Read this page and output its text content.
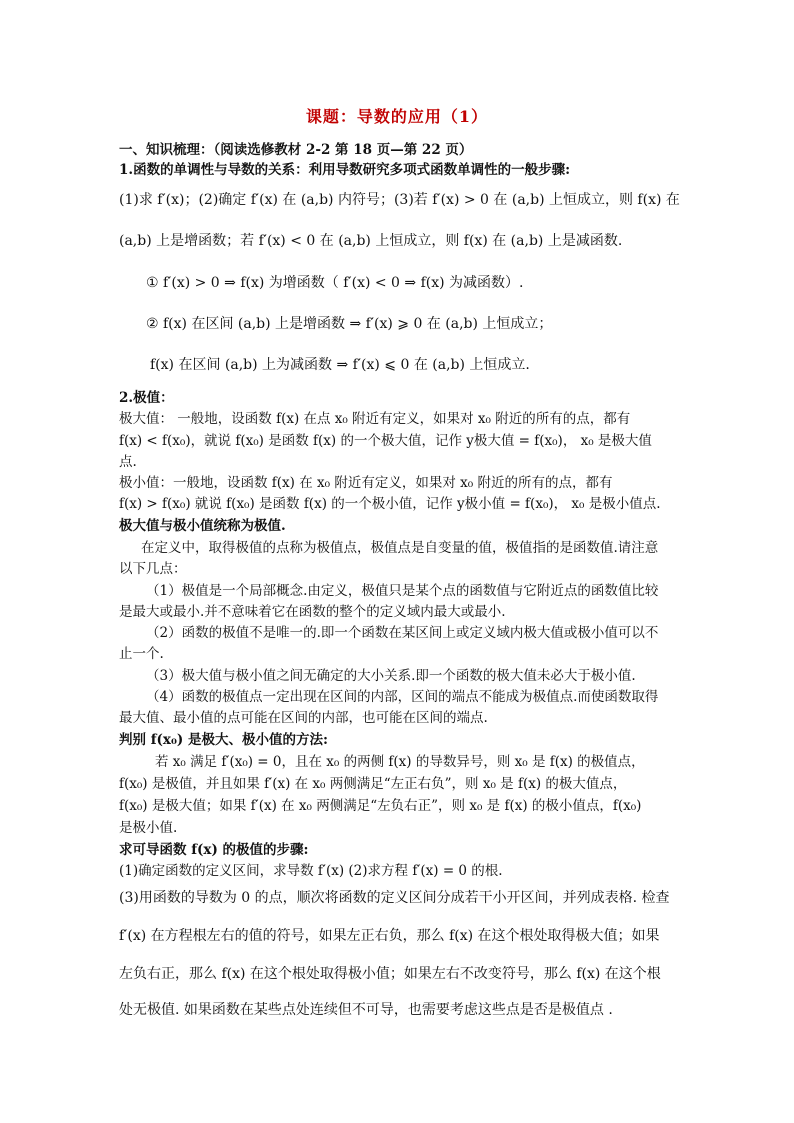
课题：导数的应用（1）
一、知识梳理：（阅读选修教材 2-2 第 18 页—第 22 页）
1.函数的单调性与导数的关系：利用导数研究多项式函数单调性的一般步骤:
(1)求 f′(x)；(2)确定 f′(x) 在 (a,b) 内符号；(3)若 f′(x) > 0 在 (a,b) 上恒成立，则 f(x) 在
(a,b) 上是增函数；若 f′(x) < 0 在 (a,b) 上恒成立，则 f(x) 在 (a,b) 上是减函数.
① f′(x) > 0 ⇒ f(x) 为增函数（ f′(x) < 0 ⇒ f(x) 为减函数）.
② f(x) 在区间 (a,b) 上是增函数 ⇒ f′(x) ⩾ 0 在 (a,b) 上恒成立；
f(x) 在区间 (a,b) 上为减函数 ⇒ f′(x) ⩽ 0 在 (a,b) 上恒成立.
2.极值：
极大值： 一般地，设函数 f(x) 在点 x₀ 附近有定义，如果对 x₀ 附近的所有的点，都有
f(x) < f(x₀)，就说 f(x₀) 是函数 f(x) 的一个极大值，记作 y极大值 = f(x₀)， x₀ 是极大值
点.
极小值：一般地，设函数 f(x) 在 x₀ 附近有定义，如果对 x₀ 附近的所有的点，都有
f(x) > f(x₀) 就说 f(x₀) 是函数 f(x) 的一个极小值，记作 y极小值 = f(x₀)， x₀ 是极小值点.
极大值与极小值统称为极值.
在定义中，取得极值的点称为极值点，极值点是自变量的值，极值指的是函数值.请注意
以下几点：
（1）极值是一个局部概念.由定义，极值只是某个点的函数值与它附近点的函数值比较
是最大或最小.并不意味着它在函数的整个的定义域内最大或最小.
（2）函数的极值不是唯一的.即一个函数在某区间上或定义域内极大值或极小值可以不
止一个.
（3）极大值与极小值之间无确定的大小关系.即一个函数的极大值未必大于极小值.
（4）函数的极值点一定出现在区间的内部，区间的端点不能成为极值点.而使函数取得
最大值、最小值的点可能在区间的内部，也可能在区间的端点.
判别 f(x₀) 是极大、极小值的方法:
若 x₀ 满足 f′(x₀) = 0，且在 x₀ 的两侧 f(x) 的导数异号，则 x₀ 是 f(x) 的极值点，
f(x₀) 是极值，并且如果 f′(x) 在 x₀ 两侧满足“左正右负”，则 x₀ 是 f(x) 的极大值点，
f(x₀) 是极大值；如果 f′(x) 在 x₀ 两侧满足“左负右正”，则 x₀ 是 f(x) 的极小值点，f(x₀)
是极小值.
求可导函数 f(x) 的极值的步骤:
(1)确定函数的定义区间，求导数 f′(x) (2)求方程 f′(x) = 0 的根.
(3)用函数的导数为 0 的点，顺次将函数的定义区间分成若干小开区间，并列成表格. 检查
f′(x) 在方程根左右的值的符号，如果左正右负，那么 f(x) 在这个根处取得极大值；如果
左负右正，那么 f(x) 在这个根处取得极小值；如果左右不改变符号，那么 f(x) 在这个根
处无极值. 如果函数在某些点处连续但不可导，也需要考虑这些点是否是极值点 .
